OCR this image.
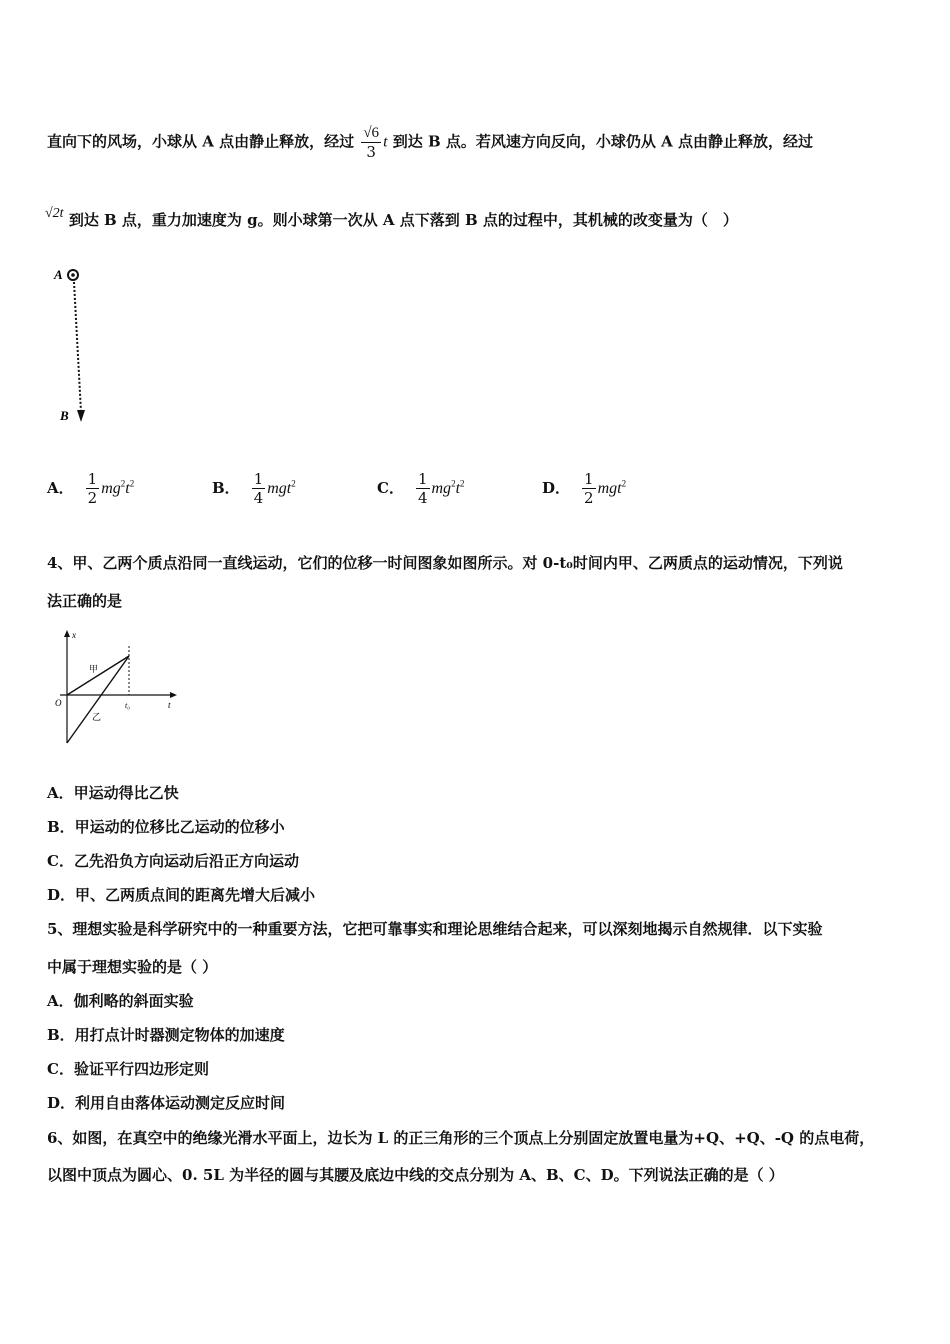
直向下的风场，小球从 A 点由静止释放，经过 $\frac{√6}{3}$ t 到达 B 点。若风速方向反向，小球仍从 A 点由静止释放，经过
√2t 到达 B 点，重力加速度为 g。则小球第一次从 A 点下落到 B 点的过程中，其机械的改变量为（　）
A
B
A． $\frac{1}{2} mg^2t^2$	B． $\frac{1}{4} mgt^2$	C． $\frac{1}{4} mg^2t^2$	D． $\frac{1}{2} mgt^2$
4、甲、乙两个质点沿同一直线运动，它们的位移一时间图象如图所示。对 0-t₀时间内甲、乙两质点的运动情况，下列说
法正确的是
x
t
O	t₀
甲
乙
A．甲运动得比乙快
B．甲运动的位移比乙运动的位移小
C．乙先沿负方向运动后沿正方向运动
D．甲、乙两质点间的距离先增大后减小
5、理想实验是科学研究中的一种重要方法，它把可靠事实和理论思维结合起来，可以深刻地揭示自然规律．以下实验
中属于理想实验的是（ ）
A．伽利略的斜面实验
B．用打点计时器测定物体的加速度
C．验证平行四边形定则
D．利用自由落体运动测定反应时间
6、如图，在真空中的绝缘光滑水平面上，边长为 L 的正三角形的三个顶点上分别固定放置电量为+Q、+Q、-Q 的点电荷，
以图中顶点为圆心、0. 5L 为半径的圆与其腰及底边中线的交点分别为 A、B、C、D。下列说法正确的是（ ）
